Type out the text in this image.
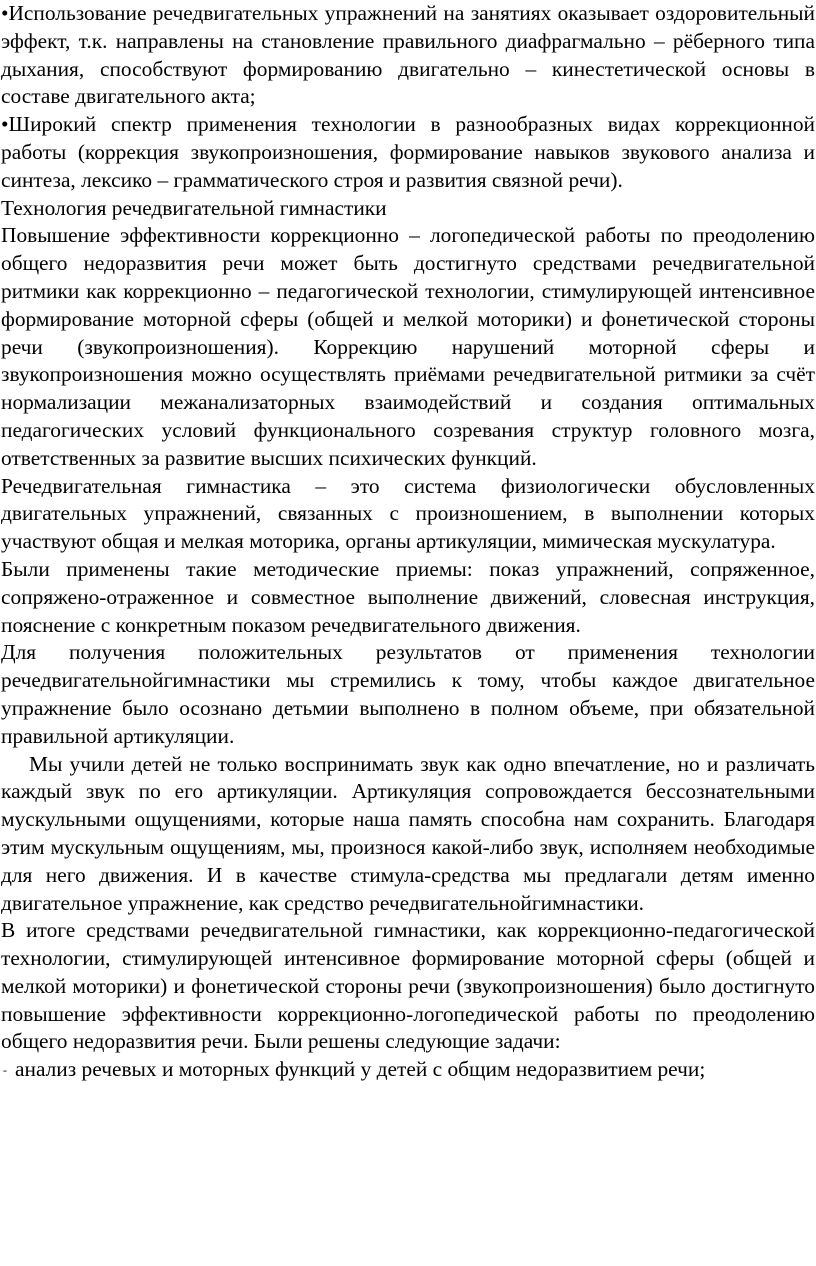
•Использование речедвигательных упражнений на занятиях оказывает оздоровительный эффект, т.к. направлены на становление правильного диафрагмально – рёберного типа дыхания, способствуют формированию двигательно – кинестетической основы в составе двигательного акта;

•Широкий спектр применения технологии в разнообразных видах коррекционной работы (коррекция звукопроизношения, формирование навыков звукового анализа и синтеза, лексико – грамматического строя и развития связной речи).

Технология речедвигательной гимнастики

Повышение эффективности коррекционно – логопедической работы по преодолению общего недоразвития речи может быть достигнуто средствами речедвигательной ритмики как коррекционно – педагогической технологии, стимулирующей интенсивное формирование моторной сферы (общей и мелкой моторики) и фонетической стороны речи (звукопроизношения). Коррекцию нарушений моторной сферы и звукопроизношения можно осуществлять приёмами речедвигательной ритмики за счёт нормализации межанализаторных взаимодействий и создания оптимальных педагогических условий функционального созревания структур головного мозга, ответственных за развитие высших психических функций.

Речедвигательная гимнастика – это система физиологически обусловленных двигательных упражнений, связанных с произношением, в выполнении которых участвуют общая и мелкая моторика, органы артикуляции, мимическая мускулатура.

Были применены такие методические приемы: показ упражнений, сопряженное, сопряжено-отраженное и совместное выполнение движений, словесная инструкция, пояснение с конкретным показом речедвигательного движения.

Для получения положительных результатов от применения технологии речедвигательнойгимнастики мы стремились к тому, чтобы каждое двигательное упражнение было осознано детьмии выполнено в полном объеме, при обязательной правильной артикуляции.

Мы учили детей не только воспринимать звук как одно впечатление, но и различать каждый звук по его артикуляции. Артикуляция сопровождается бессознательными мускульными ощущениями, которые наша память способна нам сохранить. Благодаря этим мускульным ощущениям, мы, произнося какой-либо звук, исполняем необходимые для него движения. И в качестве стимула-средства мы предлагали детям именно двигательное упражнение, как средство речедвигательнойгимнастики.

В итоге средствами речедвигательной гимнастики, как коррекционно-педагогической технологии, стимулирующей интенсивное формирование моторной сферы (общей и мелкой моторики) и фонетической стороны речи (звукопроизношения) было достигнуто повышение эффективности коррекционно-логопедической работы по преодолению общего недоразвития речи. Были решены следующие задачи:

- анализ речевых и моторных функций у детей с общим недоразвитием речи;
